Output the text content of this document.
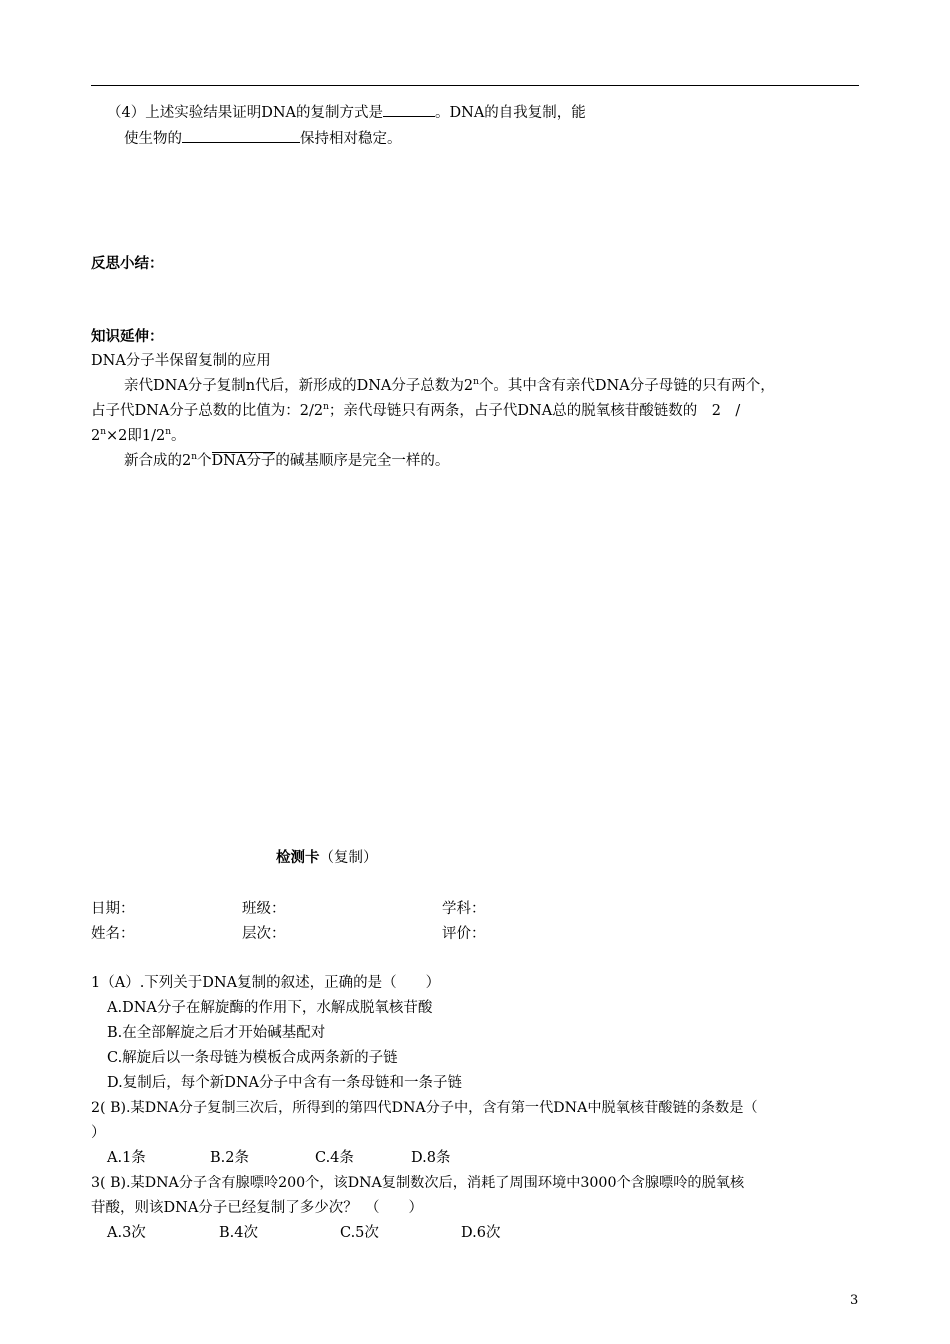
（4）上述实验结果证明DNA的复制方式是	。DNA的自我复制，能
使生物的	保持相对稳定。
反思小结：
知识延伸：
DNA分子半保留复制的应用
亲代DNA分子复制n代后，新形成的DNA分子总数为2$^n$个。其中含有亲代DNA分子母链的只有两个，
占子代DNA分子总数的比值为：2/2$^n$；亲代母链只有两条，占子代DNA总的脱氧核苷酸链数的　2　/
$2^n\times 2$即1/2$^n$。
新合成的2$^n$个DNA分子的碱基顺序是完全一样的。
检测卡（复制）
日期：	班级：	学科：
姓名：	层次：	评价：
1（A）.下列关于DNA复制的叙述，正确的是（　　）
A.DNA分子在解旋酶的作用下，水解成脱氧核苷酸
B.在全部解旋之后才开始碱基配对
C.解旋后以一条母链为模板合成两条新的子链
D.复制后，每个新DNA分子中含有一条母链和一条子链
2( B).某DNA分子复制三次后，所得到的第四代DNA分子中，含有第一代DNA中脱氧核苷酸链的条数是（
）
A.1条	B.2条	C.4条	D.8条
3( B).某DNA分子含有腺嘌呤200个，该DNA复制数次后，消耗了周围环境中3000个含腺嘌呤的脱氧核
苷酸，则该DNA分子已经复制了多少次？　（　　）
A.3次	B.4次	C.5次	D.6次
3
